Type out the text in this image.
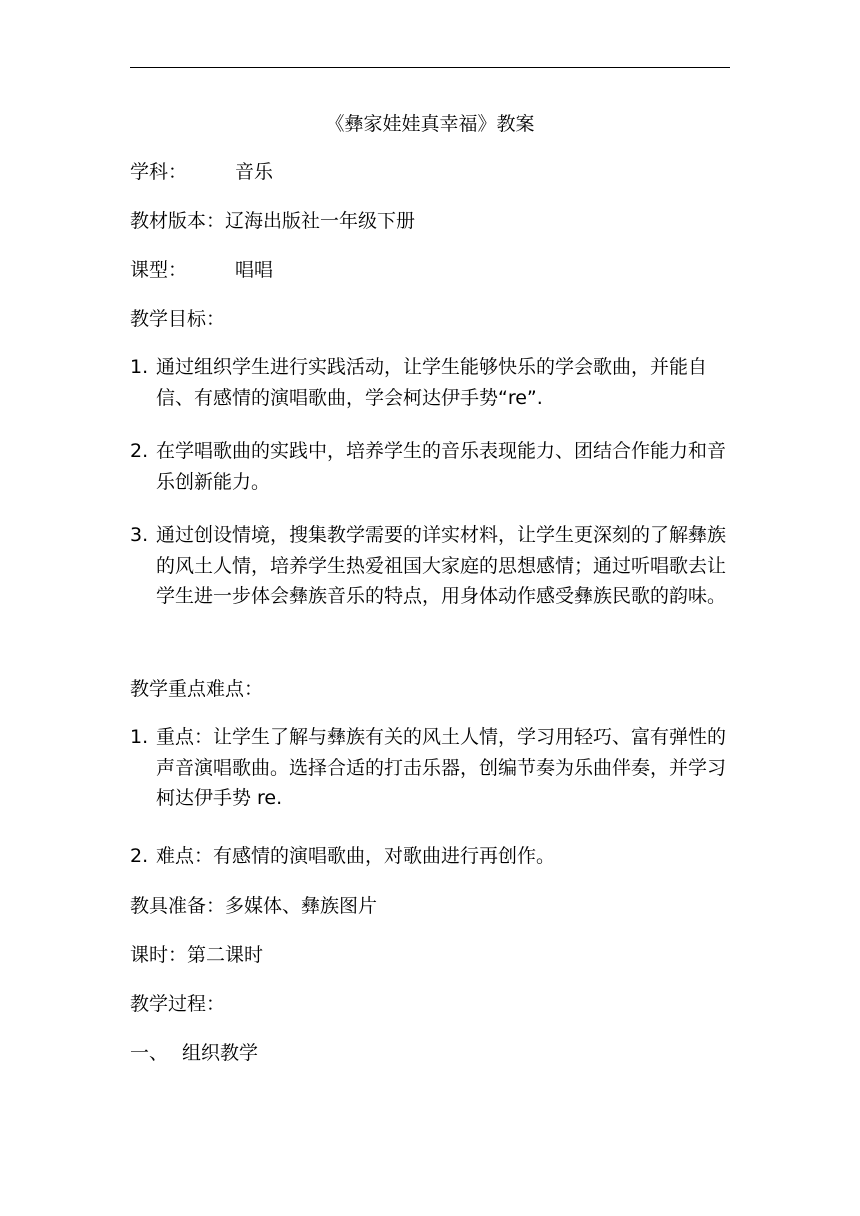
《彝家娃娃真幸福》教案
学科：	音乐
教材版本：辽海出版社一年级下册
课型：	唱唱
教学目标：
1. 通过组织学生进行实践活动，让学生能够快乐的学会歌曲，并能自信、有感情的演唱歌曲，学会柯达伊手势“re”.
2. 在学唱歌曲的实践中，培养学生的音乐表现能力、团结合作能力和音乐创新能力。
3. 通过创设情境，搜集教学需要的详实材料，让学生更深刻的了解彝族的风土人情，培养学生热爱祖国大家庭的思想感情；通过听唱歌去让学生进一步体会彝族音乐的特点，用身体动作感受彝族民歌的韵味。
教学重点难点：
1. 重点：让学生了解与彝族有关的风土人情，学习用轻巧、富有弹性的声音演唱歌曲。选择合适的打击乐器，创编节奏为乐曲伴奏，并学习柯达伊手势 re.
2. 难点：有感情的演唱歌曲，对歌曲进行再创作。
教具准备：多媒体、彝族图片
课时：第二课时
教学过程：
一、 组织教学
